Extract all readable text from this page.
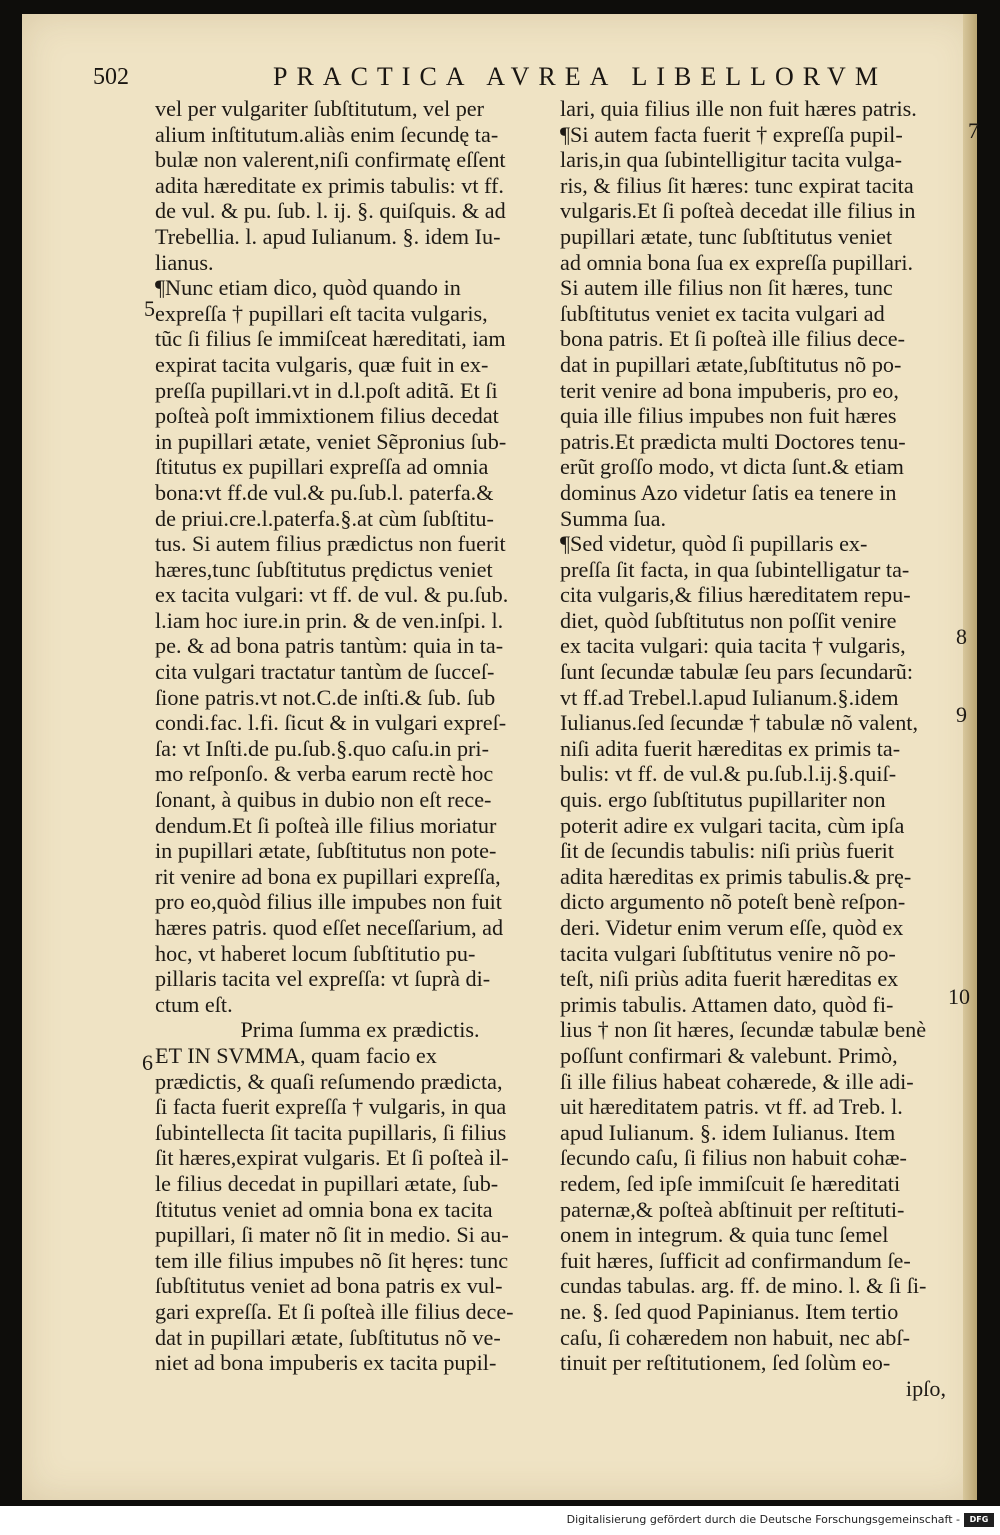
502	PRACTICA AVREA LIBELLORVM
vel per vulgariter ſubſtitutum, vel per
alium inſtitutum.aliàs enim ſecundę ta-
bulæ non valerent,niſi confirmatę eſſent
adita hæreditate ex primis tabulis: vt ff.
de vul. & pu. ſub. l. ij. §. quiſquis. & ad
Trebellia. l. apud Iulianum. §. idem Iu-
lianus.
¶Nunc etiam dico, quòd quando in
expreſſa † pupillari eſt tacita vulgaris,
tũc ſi filius ſe immiſceat hæreditati, iam
expirat tacita vulgaris, quæ fuit in ex-
preſſa pupillari.vt in d.l.poſt aditã. Et ſi
poſteà poſt immixtionem filius decedat
in pupillari ætate, veniet Sẽpronius ſub-
ſtitutus ex pupillari expreſſa ad omnia
bona:vt ff.de vul.& pu.ſub.l. paterfa.&
de priui.cre.l.paterfa.§.at cùm ſubſtitu-
tus. Si autem filius prædictus non fuerit
hæres,tunc ſubſtitutus prędictus veniet
ex tacita vulgari: vt ff. de vul. & pu.ſub.
l.iam hoc iure.in prin. & de ven.inſpi. l.
pe. & ad bona patris tantùm: quia in ta-
cita vulgari tractatur tantùm de ſucceſ-
ſione patris.vt not.C.de inſti.& ſub. ſub
condi.fac. l.fi. ſicut & in vulgari expreſ-
ſa: vt Inſti.de pu.ſub.§.quo caſu.in pri-
mo reſponſo. & verba earum rectè hoc
ſonant, à quibus in dubio non eſt rece-
dendum.Et ſi poſteà ille filius moriatur
in pupillari ætate, ſubſtitutus non pote-
rit venire ad bona ex pupillari expreſſa,
pro eo,quòd filius ille impubes non fuit
hæres patris. quod eſſet neceſſarium, ad
hoc, vt haberet locum ſubſtitutio pu-
pillaris tacita vel expreſſa: vt ſuprà di-
ctum eſt.
Prima ſumma ex prædictis.
ET IN SVMMA, quam facio ex
prædictis, & quaſi reſumendo prædicta,
ſi facta fuerit expreſſa † vulgaris, in qua
ſubintellecta ſit tacita pupillaris, ſi filius
ſit hæres,expirat vulgaris. Et ſi poſteà il-
le filius decedat in pupillari ætate, ſub-
ſtitutus veniet ad omnia bona ex tacita
pupillari, ſi mater nõ ſit in medio. Si au-
tem ille filius impubes nõ ſit hęres: tunc
ſubſtitutus veniet ad bona patris ex vul-
gari expreſſa. Et ſi poſteà ille filius dece-
dat in pupillari ætate, ſubſtitutus nõ ve-
niet ad bona impuberis ex tacita pupil-
lari, quia filius ille non fuit hæres patris.
¶Si autem facta fuerit † expreſſa pupil-
laris,in qua ſubintelligitur tacita vulga-
ris, & filius ſit hæres: tunc expirat tacita
vulgaris.Et ſi poſteà decedat ille filius in
pupillari ætate, tunc ſubſtitutus veniet
ad omnia bona ſua ex expreſſa pupillari.
Si autem ille filius non ſit hæres, tunc
ſubſtitutus veniet ex tacita vulgari ad
bona patris. Et ſi poſteà ille filius dece-
dat in pupillari ætate,ſubſtitutus nõ po-
terit venire ad bona impuberis, pro eo,
quia ille filius impubes non fuit hæres
patris.Et prædicta multi Doctores tenu-
erũt groſſo modo, vt dicta ſunt.& etiam
dominus Azo videtur ſatis ea tenere in
Summa ſua.
¶Sed videtur, quòd ſi pupillaris ex-
preſſa ſit facta, in qua ſubintelligatur ta-
cita vulgaris,& filius hæreditatem repu-
diet, quòd ſubſtitutus non poſſit venire
ex tacita vulgari: quia tacita † vulgaris,
ſunt ſecundæ tabulæ ſeu pars ſecundarũ:
vt ff.ad Trebel.l.apud Iulianum.§.idem
Iulianus.ſed ſecundæ † tabulæ nõ valent,
niſi adita fuerit hæreditas ex primis ta-
bulis: vt ff. de vul.& pu.ſub.l.ij.§.quiſ-
quis. ergo ſubſtitutus pupillariter non
poterit adire ex vulgari tacita, cùm ipſa
ſit de ſecundis tabulis: niſi priùs fuerit
adita hæreditas ex primis tabulis.& prę-
dicto argumento nõ poteſt benè reſpon-
deri. Videtur enim verum eſſe, quòd ex
tacita vulgari ſubſtitutus venire nõ po-
teſt, niſi priùs adita fuerit hæreditas ex
primis tabulis. Attamen dato, quòd fi-
lius † non ſit hæres, ſecundæ tabulæ benè
poſſunt confirmari & valebunt. Primò,
ſi ille filius habeat cohærede, & ille adi-
uit hæreditatem patris. vt ff. ad Treb. l.
apud Iulianum. §. idem Iulianus. Item
ſecundo caſu, ſi filius non habuit cohæ-
redem, ſed ipſe immiſcuit ſe hæreditati
paternæ,& poſteà abſtinuit per reſtituti-
onem in integrum. & quia tunc ſemel
fuit hæres, ſufficit ad confirmandum ſe-
cundas tabulas. arg. ff. de mino. l. & ſi ſi-
ne. §. ſed quod Papinianus. Item tertio
caſu, ſi cohæredem non habuit, nec abſ-
tinuit per reſtitutionem, ſed ſolùm eo-
ipſo,
5
6
7
8
9
10
Digitalisierung gefördert durch die Deutsche Forschungsgemeinschaft -	DFG
